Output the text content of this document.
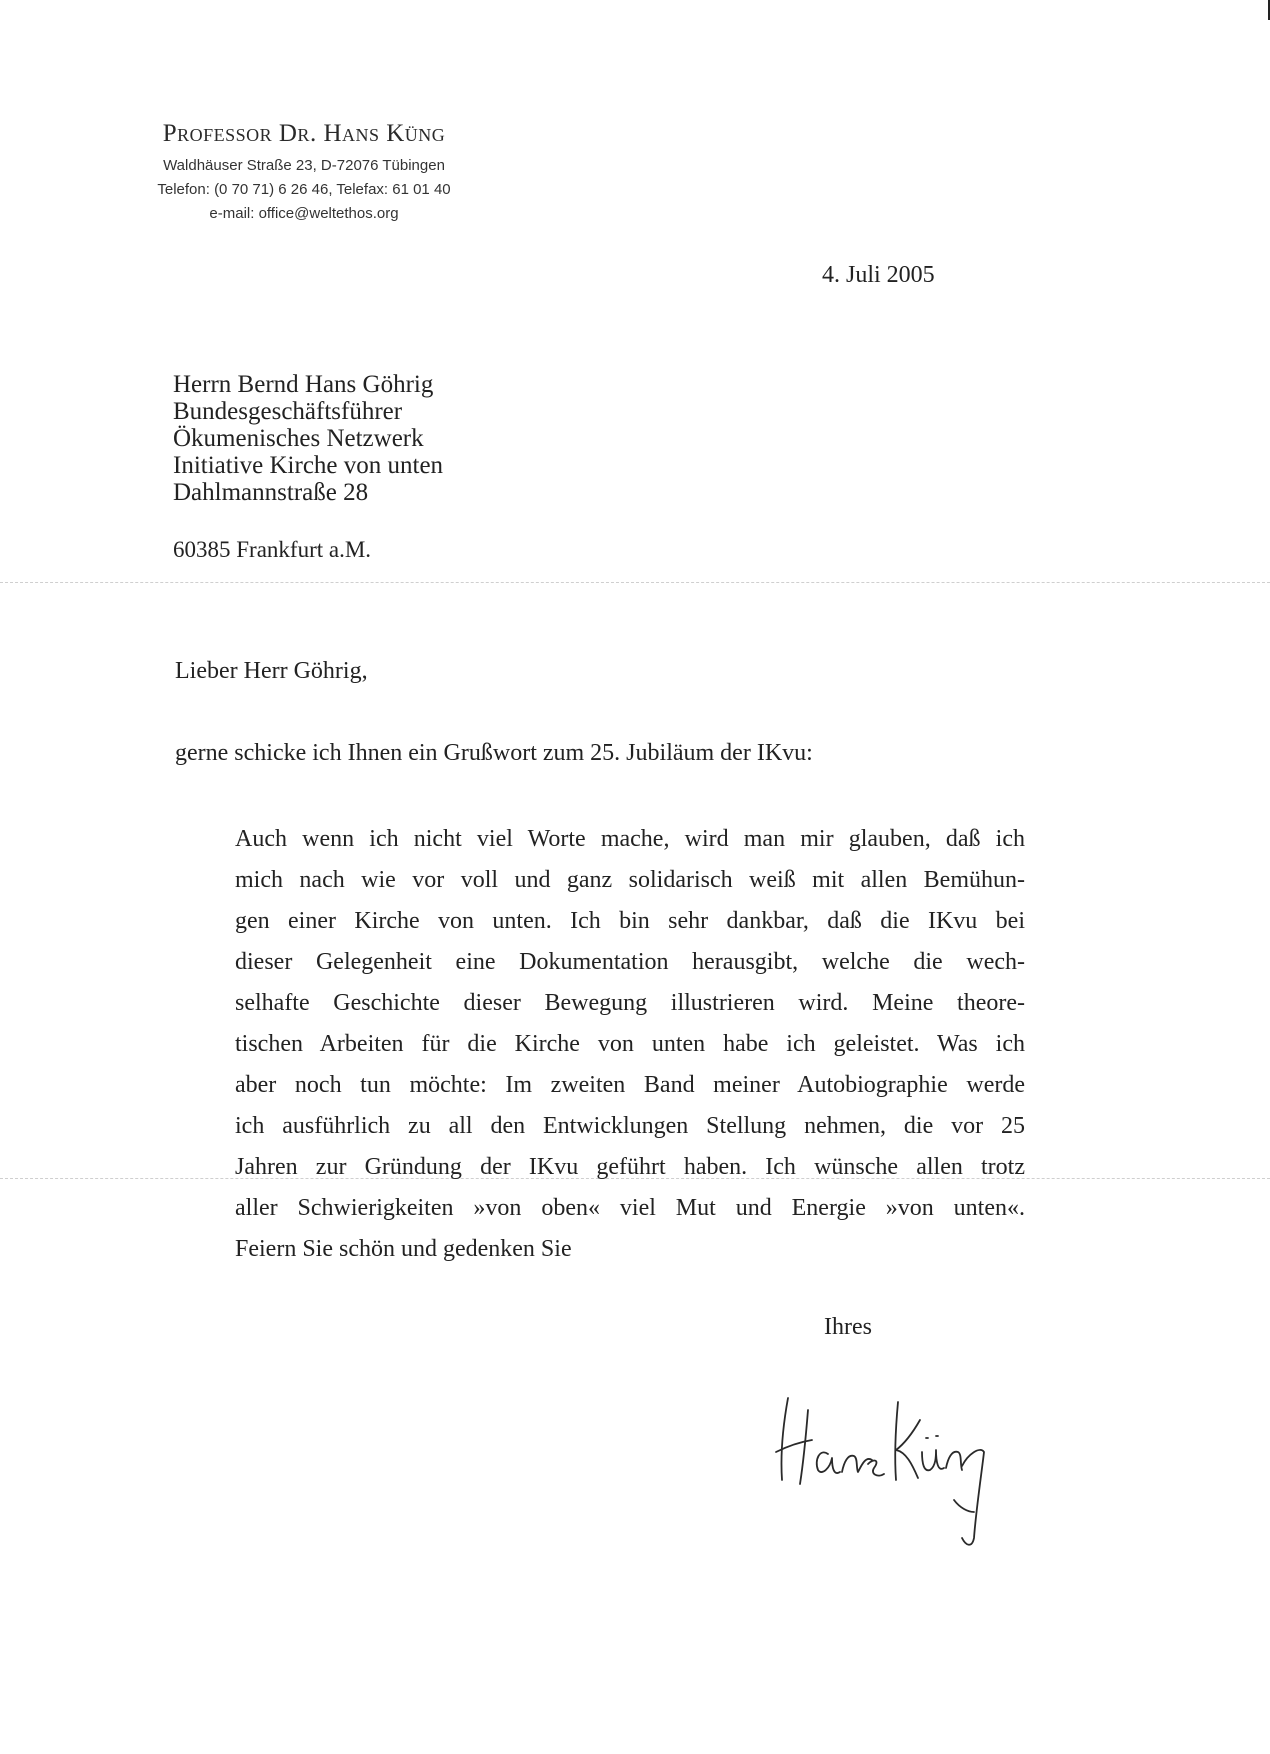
Professor Dr. Hans Küng
Waldhäuser Straße 23, D-72076 Tübingen
Telefon: (0 70 71) 6 26 46, Telefax: 61 01 40
e-mail: office@weltethos.org
4. Juli 2005
Herrn Bernd Hans Göhrig
Bundesgeschäftsführer
Ökumenisches Netzwerk
Initiative Kirche von unten
Dahlmannstraße 28
60385 Frankfurt a.M.
Lieber Herr Göhrig,
gerne schicke ich Ihnen ein Grußwort zum 25. Jubiläum der IKvu:
Auch wenn ich nicht viel Worte mache, wird man mir glauben, daß ich
mich nach wie vor voll und ganz solidarisch weiß mit allen Bemühun-
gen einer Kirche von unten. Ich bin sehr dankbar, daß die IKvu bei
dieser Gelegenheit eine Dokumentation herausgibt, welche die wech-
selhafte Geschichte dieser Bewegung illustrieren wird. Meine theore-
tischen Arbeiten für die Kirche von unten habe ich geleistet. Was ich
aber noch tun möchte: Im zweiten Band meiner Autobiographie werde
ich ausführlich zu all den Entwicklungen Stellung nehmen, die vor 25
Jahren zur Gründung der IKvu geführt haben. Ich wünsche allen trotz
aller Schwierigkeiten »von oben« viel Mut und Energie »von unten«.
Feiern Sie schön und gedenken Sie
Ihres
